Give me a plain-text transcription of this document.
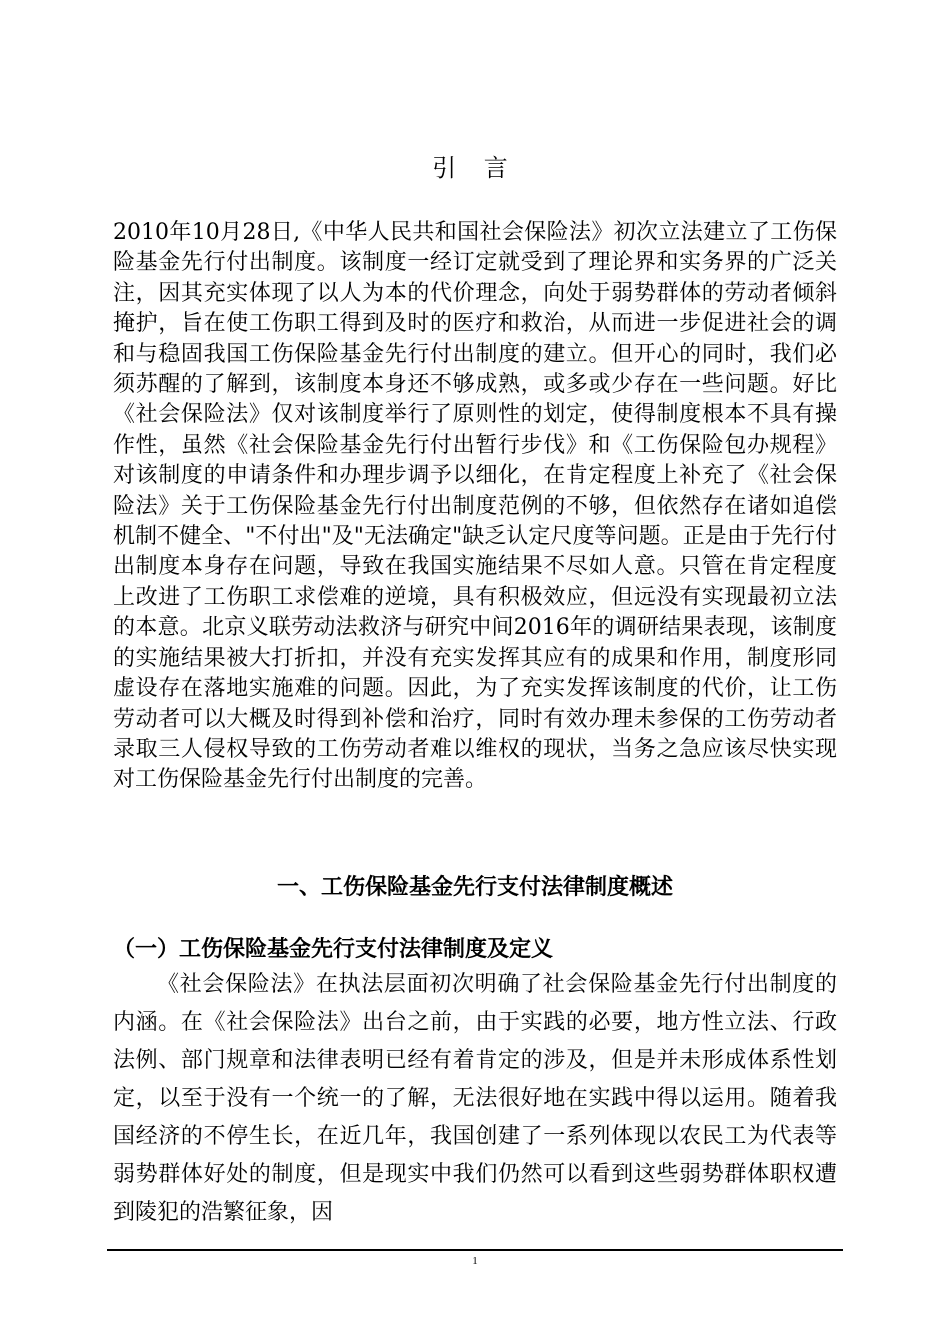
引 言

2010年10月28日,《中华人民共和国社会保险法》初次立法建立了工伤保险基金先行付出制度。该制度一经订定就受到了理论界和实务界的广泛关注，因其充实体现了以人为本的代价理念，向处于弱势群体的劳动者倾斜掩护，旨在使工伤职工得到及时的医疗和救治，从而进一步促进社会的调和与稳固我国工伤保险基金先行付出制度的建立。但开心的同时，我们必须苏醒的了解到，该制度本身还不够成熟，或多或少存在一些问题。好比《社会保险法》仅对该制度举行了原则性的划定，使得制度根本不具有操作性，虽然《社会保险基金先行付出暂行步伐》和《工伤保险包办规程》对该制度的申请条件和办理步调予以细化，在肯定程度上补充了《社会保险法》关于工伤保险基金先行付出制度范例的不够，但依然存在诸如追偿机制不健全、"不付出"及"无法确定"缺乏认定尺度等问题。正是由于先行付出制度本身存在问题，导致在我国实施结果不尽如人意。只管在肯定程度上改进了工伤职工求偿难的逆境，具有积极效应，但远没有实现最初立法的本意。北京义联劳动法救济与研究中间2016年的调研结果表现，该制度的实施结果被大打折扣，并没有充实发挥其应有的成果和作用，制度形同虚设存在落地实施难的问题。因此，为了充实发挥该制度的代价，让工伤劳动者可以大概及时得到补偿和治疗，同时有效办理未参保的工伤劳动者录取三人侵权导致的工伤劳动者难以维权的现状，当务之急应该尽快实现对工伤保险基金先行付出制度的完善。

一、工伤保险基金先行支付法律制度概述
（一）工伤保险基金先行支付法律制度及定义

《社会保险法》在执法层面初次明确了社会保险基金先行付出制度的内涵。在《社会保险法》出台之前，由于实践的必要，地方性立法、行政法例、部门规章和法律表明已经有着肯定的涉及，但是并未形成体系性划定，以至于没有一个统一的了解，无法很好地在实践中得以运用。随着我国经济的不停生长，在近几年，我国创建了一系列体现以农民工为代表等弱势群体好处的制度，但是现实中我们仍然可以看到这些弱势群体职权遭到陵犯的浩繁征象，因

1
